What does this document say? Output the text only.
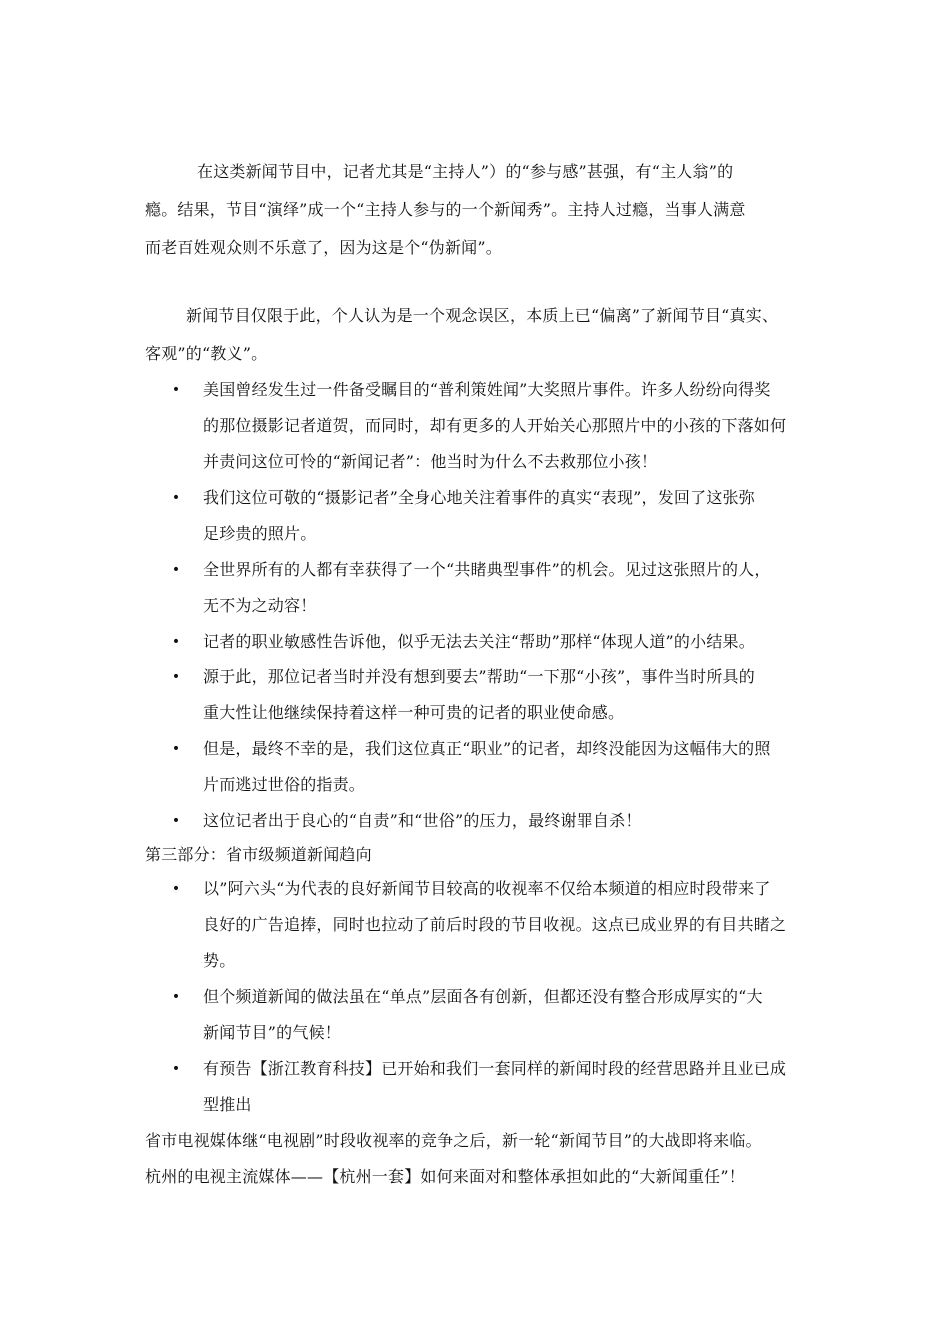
在这类新闻节目中，记者尤其是“主持人”）的“参与感”甚强，有“主人翁”的
瘾。结果，节目“演绎”成一个“主持人参与的一个新闻秀”。主持人过瘾，当事人满意
而老百姓观众则不乐意了，因为这是个“伪新闻”。
新闻节目仅限于此，个人认为是一个观念误区，本质上已“偏离”了新闻节目“真实、
客观”的“教义”。
• 美国曾经发生过一件备受瞩目的“普利策姓闻”大奖照片事件。许多人纷纷向得奖
的那位摄影记者道贺，而同时，却有更多的人开始关心那照片中的小孩的下落如何
并责问这位可怜的“新闻记者”：他当时为什么不去救那位小孩！
• 我们这位可敬的“摄影记者”全身心地关注着事件的真实“表现”，发回了这张弥
足珍贵的照片。
• 全世界所有的人都有幸获得了一个“共睹典型事件”的机会。见过这张照片的人，
无不为之动容！
• 记者的职业敏感性告诉他，似乎无法去关注“帮助”那样“体现人道”的小结果。
• 源于此，那位记者当时并没有想到要去”帮助“一下那“小孩”，事件当时所具的
重大性让他继续保持着这样一种可贵的记者的职业使命感。
• 但是，最终不幸的是，我们这位真正“职业”的记者，却终没能因为这幅伟大的照
片而逃过世俗的指责。
• 这位记者出于良心的“自责”和“世俗”的压力，最终谢罪自杀！
第三部分：省市级频道新闻趋向
• 以”阿六头“为代表的良好新闻节目较高的收视率不仅给本频道的相应时段带来了
良好的广告追捧，同时也拉动了前后时段的节目收视。这点已成业界的有目共睹之
势。
• 但个频道新闻的做法虽在“单点”层面各有创新，但都还没有整合形成厚实的“大
新闻节目”的气候！
• 有预告【浙江教育科技】已开始和我们一套同样的新闻时段的经营思路并且业已成
型推出
省市电视媒体继“电视剧”时段收视率的竞争之后，新一轮“新闻节目”的大战即将来临。
杭州的电视主流媒体——【杭州一套】如何来面对和整体承担如此的“大新闻重任”！
